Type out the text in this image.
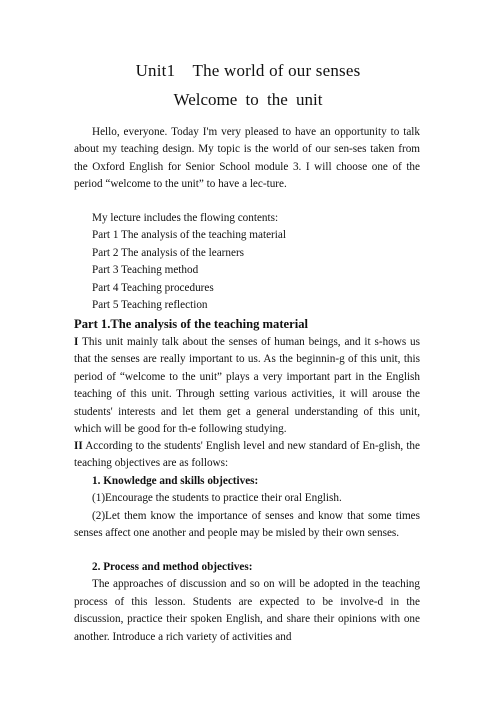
Unit1　The world of our senses
Welcome to the unit

Hello, everyone. Today I'm very pleased to have an opportunity to talk about my teaching design. My topic is the world of our sen-ses taken from the Oxford English for Senior School module 3. I will choose one of the period “welcome to the unit” to have a lec-ture.

My lecture includes the flowing contents:

Part 1 The analysis of the teaching material

Part 2 The analysis of the learners

Part 3 Teaching method

Part 4 Teaching procedures

Part 5 Teaching reflection

Part 1.The analysis of the teaching material

I This unit mainly talk about the senses of human beings, and it s-hows us that the senses are really important to us. As the beginnin-g of this unit, this period of “welcome to the unit” plays a very important part in the English teaching of this unit. Through setting various activities, it will arouse the students' interests and let them get a general understanding of this unit, which will be good for th-e following studying.

II According to the students' English level and new standard of En-glish, the teaching objectives are as follows:

1. Knowledge and skills objectives:

(1)Encourage the students to practice their oral English.

(2)Let them know the importance of senses and know that some times senses affect one another and people may be misled by their own senses.

2. Process and method objectives:

The approaches of discussion and so on will be adopted in the teaching process of this lesson. Students are expected to be involve-d in the discussion, practice their spoken English, and share their opinions with one another. Introduce a rich variety of activities and
